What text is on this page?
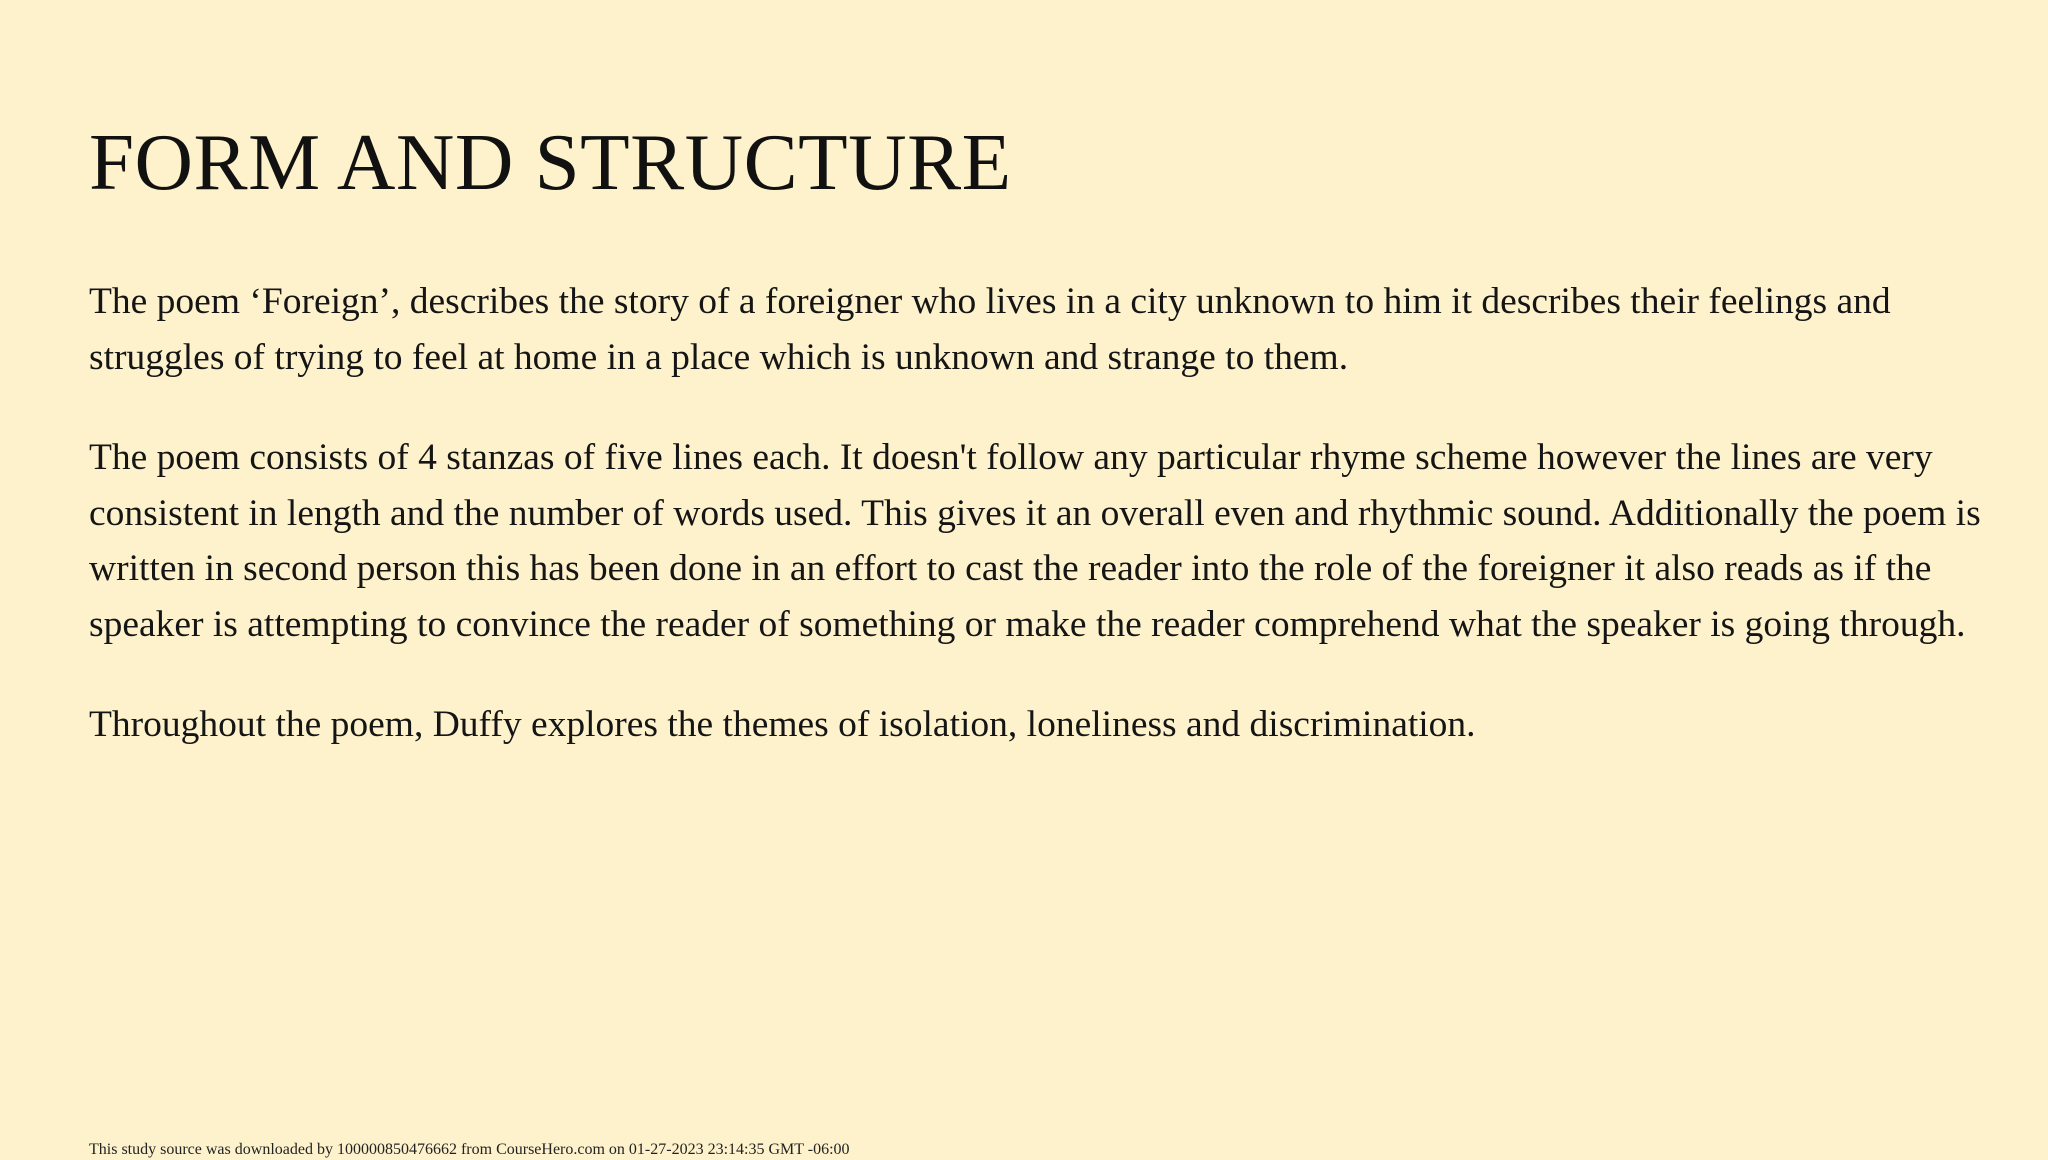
FORM AND STRUCTURE

The poem ‘Foreign’, describes the story of a foreigner who lives in a city unknown to him it describes their feelings and struggles of trying to feel at home in a place which is unknown and strange to them.

The poem consists of 4 stanzas of five lines each. It doesn't follow any particular rhyme scheme however the lines are very consistent in length and the number of words used. This gives it an overall even and rhythmic sound. Additionally the poem is written in second person this has been done in an effort to cast the reader into the role of the foreigner it also reads as if the speaker is attempting to convince the reader of something or make the reader comprehend what the speaker is going through.

Throughout the poem, Duffy explores the themes of isolation, loneliness and discrimination.

This study source was downloaded by 100000850476662 from CourseHero.com on 01-27-2023 23:14:35 GMT -06:00
